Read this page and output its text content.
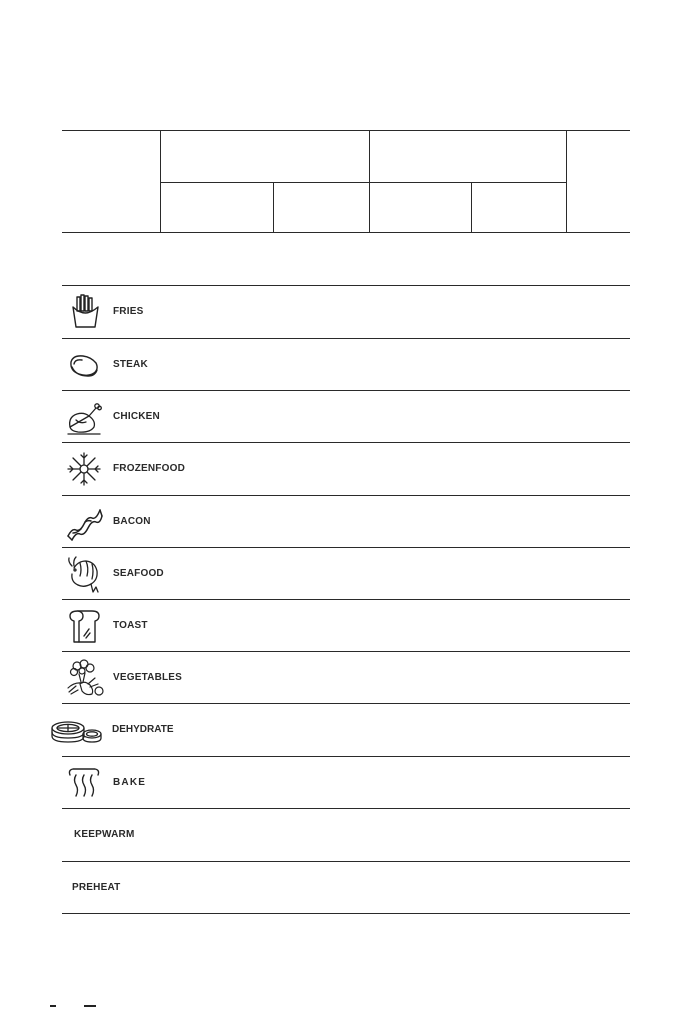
FRIES
STEAK
CHICKEN
FROZENFOOD
BACON
SEAFOOD
TOAST
VEGETABLES
DEHYDRATE
BAKE
KEEPWARM
PREHEAT
